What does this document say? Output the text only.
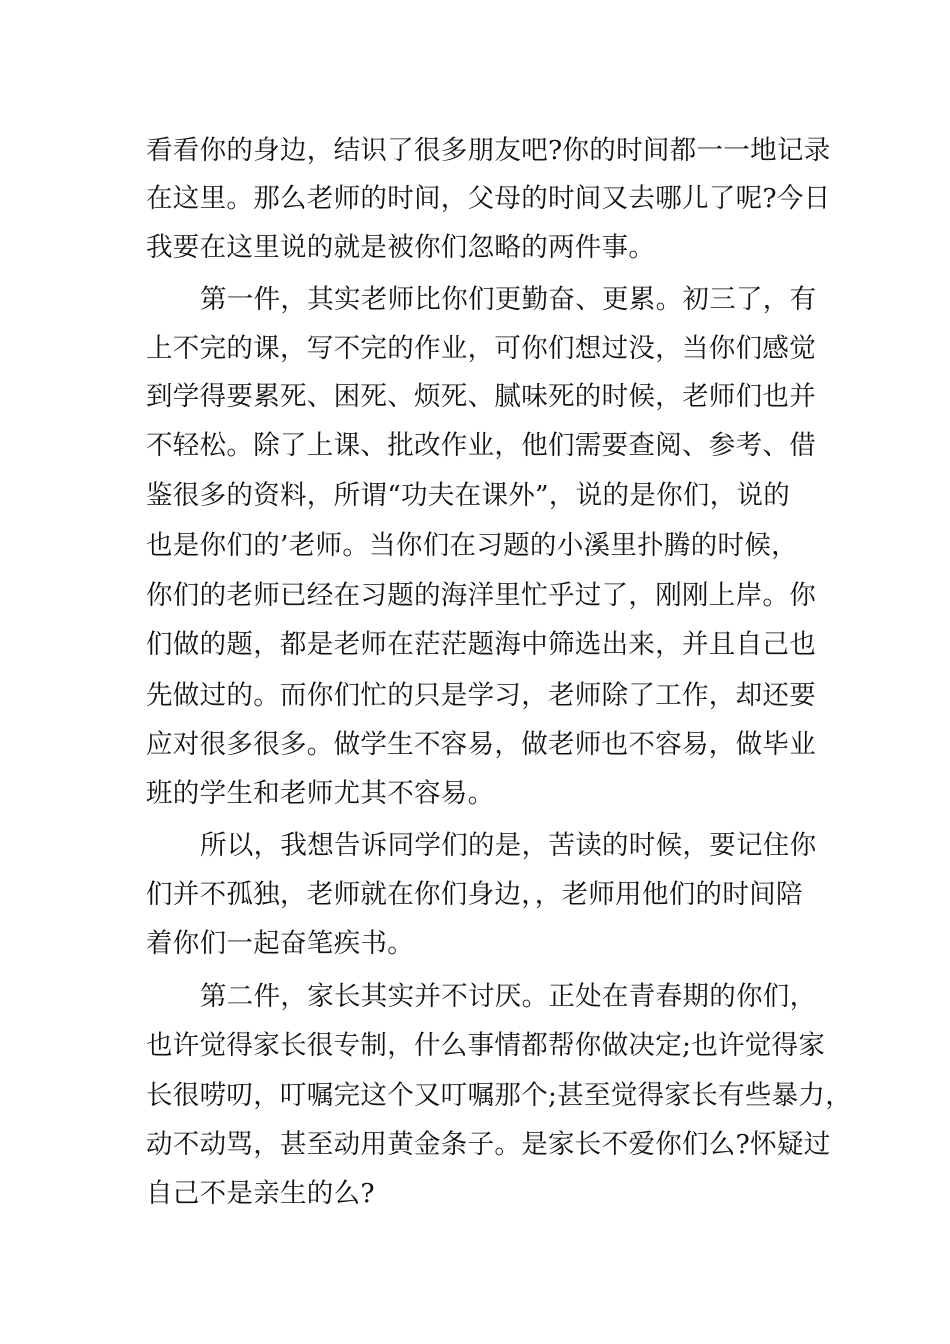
看看你的身边，结识了很多朋友吧?你的时间都一一地记录
在这里。那么老师的时间，父母的时间又去哪儿了呢?今日
我要在这里说的就是被你们忽略的两件事。
第一件，其实老师比你们更勤奋、更累。初三了，有
上不完的课，写不完的作业，可你们想过没，当你们感觉
到学得要累死、困死、烦死、腻味死的时候，老师们也并
不轻松。除了上课、批改作业，他们需要查阅、参考、借
鉴很多的资料，所谓“功夫在课外”，说的是你们，说的
也是你们的’老师。当你们在习题的小溪里扑腾的时候，
你们的老师已经在习题的海洋里忙乎过了，刚刚上岸。你
们做的题，都是老师在茫茫题海中筛选出来，并且自己也
先做过的。而你们忙的只是学习，老师除了工作，却还要
应对很多很多。做学生不容易，做老师也不容易，做毕业
班的学生和老师尤其不容易。
所以，我想告诉同学们的是，苦读的时候，要记住你
们并不孤独，老师就在你们身边，，老师用他们的时间陪
着你们一起奋笔疾书。
第二件，家长其实并不讨厌。正处在青春期的你们，
也许觉得家长很专制，什么事情都帮你做决定;也许觉得家
长很唠叨，叮嘱完这个又叮嘱那个;甚至觉得家长有些暴力，
动不动骂，甚至动用黄金条子。是家长不爱你们么?怀疑过
自己不是亲生的么?
